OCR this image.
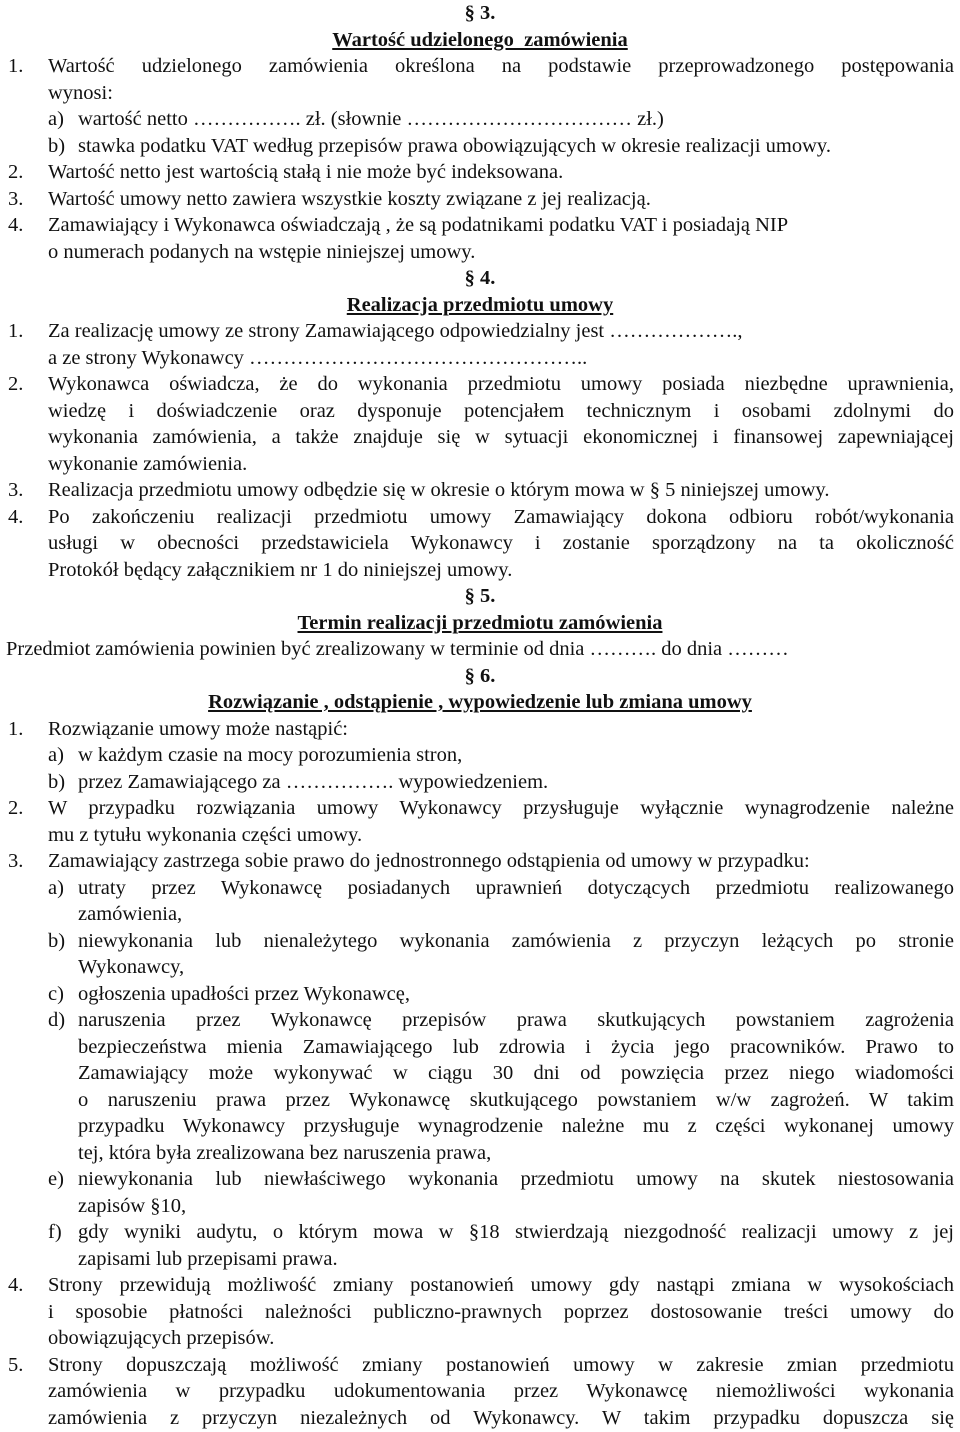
§ 3.
Wartość udzielonego  zamówienia
1. Wartość udzielonego zamówienia określona na podstawie przeprowadzonego postępowania
wynosi:
a) wartość netto ……………. zł. (słownie …………………………… zł.)
b) stawka podatku VAT według przepisów prawa obowiązujących w okresie realizacji umowy.
2. Wartość netto jest wartością stałą i nie może być indeksowana.
3. Wartość umowy netto zawiera wszystkie koszty związane z jej realizacją.
4. Zamawiający i Wykonawca oświadczają , że są podatnikami podatku VAT i posiadają NIP
o numerach podanych na wstępie niniejszej umowy.
§ 4.
Realizacja przedmiotu umowy
1. Za realizację umowy ze strony Zamawiającego odpowiedzialny jest ……………….,
a ze strony Wykonawcy …………………………………………..
2. Wykonawca oświadcza, że do wykonania przedmiotu umowy posiada niezbędne uprawnienia,
wiedzę i doświadczenie oraz dysponuje potencjałem technicznym i osobami zdolnymi do
wykonania zamówienia, a także znajduje się w sytuacji ekonomicznej i finansowej zapewniającej
wykonanie zamówienia.
3. Realizacja przedmiotu umowy odbędzie się w okresie o którym mowa w § 5 niniejszej umowy.
4. Po zakończeniu realizacji przedmiotu umowy Zamawiający dokona odbioru robót/wykonania
usługi w obecności przedstawiciela Wykonawcy i zostanie sporządzony na ta okoliczność
Protokół będący załącznikiem nr 1 do niniejszej umowy.
§ 5.
Termin realizacji przedmiotu zamówienia
Przedmiot zamówienia powinien być zrealizowany w terminie od dnia ………. do dnia ………
§ 6.
Rozwiązanie , odstąpienie , wypowiedzenie lub zmiana umowy
1. Rozwiązanie umowy może nastąpić:
a) w każdym czasie na mocy porozumienia stron,
b) przez Zamawiającego za ……………. wypowiedzeniem.
2. W przypadku rozwiązania umowy Wykonawcy przysługuje wyłącznie wynagrodzenie należne
mu z tytułu wykonania części umowy.
3. Zamawiający zastrzega sobie prawo do jednostronnego odstąpienia od umowy w przypadku:
a) utraty przez Wykonawcę posiadanych uprawnień dotyczących przedmiotu realizowanego
zamówienia,
b) niewykonania lub nienależytego wykonania zamówienia z przyczyn leżących po stronie
Wykonawcy,
c) ogłoszenia upadłości przez Wykonawcę,
d) naruszenia przez Wykonawcę przepisów prawa skutkujących powstaniem zagrożenia
bezpieczeństwa mienia Zamawiającego lub zdrowia i życia jego pracowników. Prawo to
Zamawiający może wykonywać w ciągu 30 dni od powzięcia przez niego wiadomości
o naruszeniu prawa przez Wykonawcę skutkującego powstaniem w/w zagrożeń. W takim
przypadku Wykonawcy przysługuje wynagrodzenie należne mu z części wykonanej umowy
tej, która była zrealizowana bez naruszenia prawa,
e) niewykonania lub niewłaściwego wykonania przedmiotu umowy na skutek niestosowania
zapisów §10,
f) gdy wyniki audytu, o którym mowa w §18 stwierdzają niezgodność realizacji umowy z jej
zapisami lub przepisami prawa.
4. Strony przewidują możliwość zmiany postanowień umowy gdy nastąpi zmiana w wysokościach
i sposobie płatności należności publiczno-prawnych poprzez dostosowanie treści umowy do
obowiązujących przepisów.
5. Strony dopuszczają możliwość zmiany postanowień umowy w zakresie zmian przedmiotu
zamówienia w przypadku udokumentowania przez Wykonawcę niemożliwości wykonania
zamówienia z przyczyn niezależnych od Wykonawcy. W takim przypadku dopuszcza się
